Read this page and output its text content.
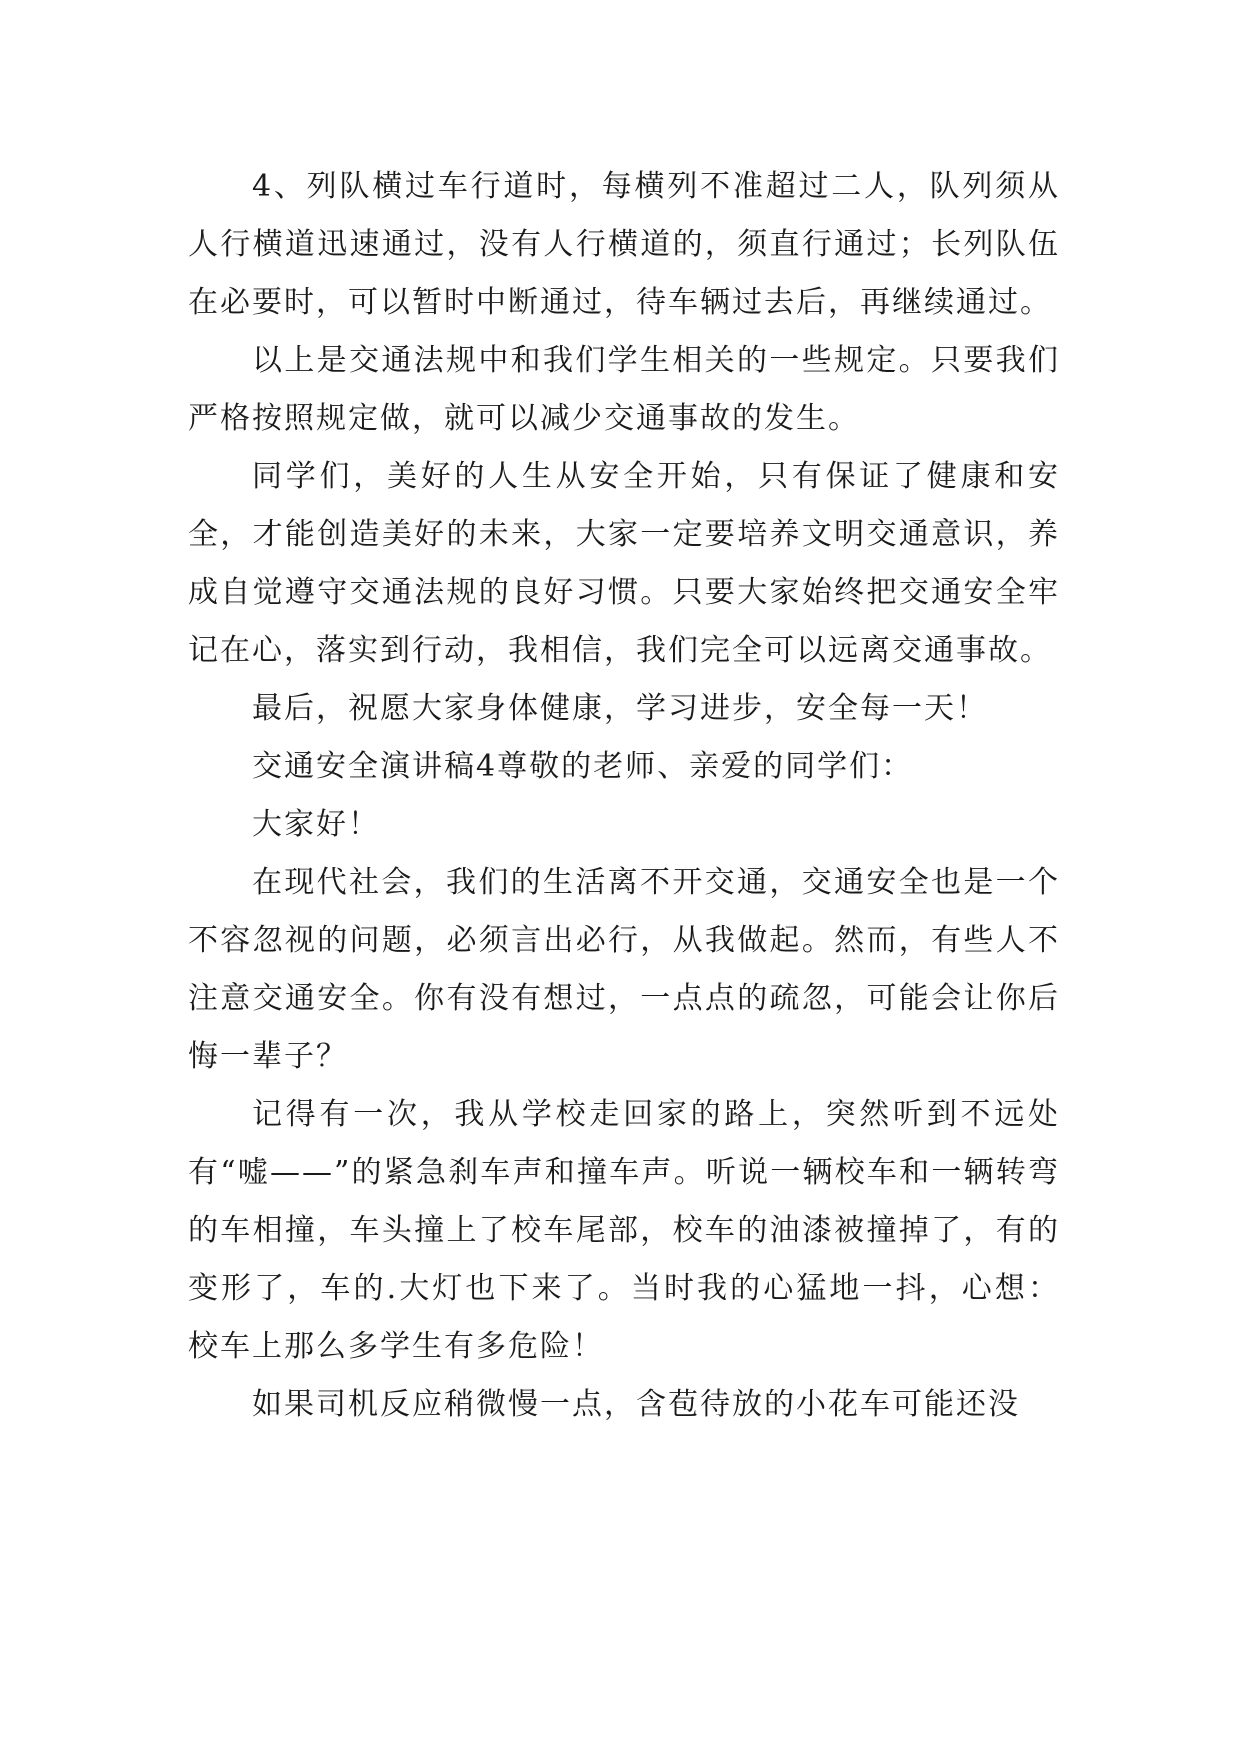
4、列队横过车行道时，每横列不准超过二人，队列须从人行横道迅速通过，没有人行横道的，须直行通过；长列队伍在必要时，可以暂时中断通过，待车辆过去后，再继续通过。

以上是交通法规中和我们学生相关的一些规定。只要我们严格按照规定做，就可以减少交通事故的发生。

同学们，美好的人生从安全开始，只有保证了健康和安全，才能创造美好的未来，大家一定要培养文明交通意识，养成自觉遵守交通法规的良好习惯。只要大家始终把交通安全牢记在心，落实到行动，我相信，我们完全可以远离交通事故。

最后，祝愿大家身体健康，学习进步，安全每一天！

交通安全演讲稿4尊敬的老师、亲爱的同学们：

大家好！

在现代社会，我们的生活离不开交通，交通安全也是一个不容忽视的问题，必须言出必行，从我做起。然而，有些人不注意交通安全。你有没有想过，一点点的疏忽，可能会让你后悔一辈子？

记得有一次，我从学校走回家的路上，突然听到不远处有“嘘——”的紧急刹车声和撞车声。听说一辆校车和一辆转弯的车相撞，车头撞上了校车尾部，校车的油漆被撞掉了，有的变形了，车的.大灯也下来了。当时我的心猛地一抖，心想：校车上那么多学生有多危险！

如果司机反应稍微慢一点，含苞待放的小花车可能还没
